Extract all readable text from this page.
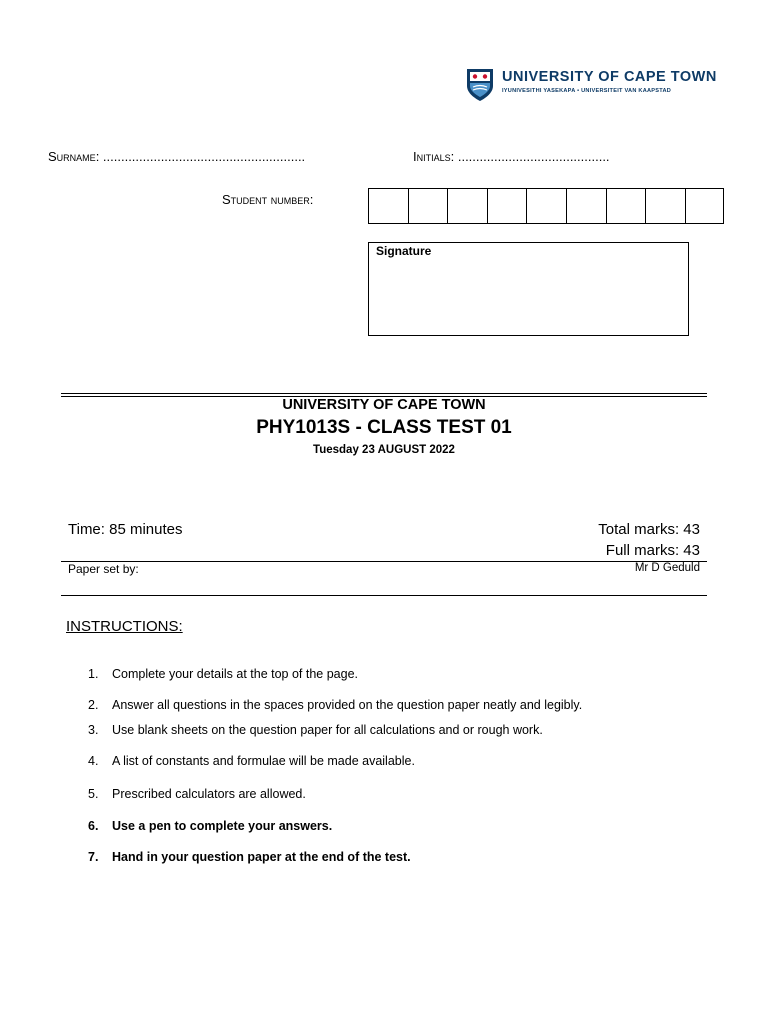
UNIVERSITY OF CAPE TOWN
IYUNIVESITHI YASEKAPA • UNIVERSITEIT VAN KAAPSTAD
Surname: ........................................................	Initials: ..........................................
Student number:
Signature
UNIVERSITY OF CAPE TOWN
PHY1013S - CLASS TEST 01
Tuesday 23 AUGUST 2022
Time: 85 minutes	Total marks: 43
Full marks: 43
Paper set by:	Mr D Geduld
INSTRUCTIONS:
1. Complete your details at the top of the page.
2. Answer all questions in the spaces provided on the question paper neatly and legibly.
3. Use blank sheets on the question paper for all calculations and or rough work.
4. A list of constants and formulae will be made available.
5. Prescribed calculators are allowed.
6. Use a pen to complete your answers.
7. Hand in your question paper at the end of the test.
